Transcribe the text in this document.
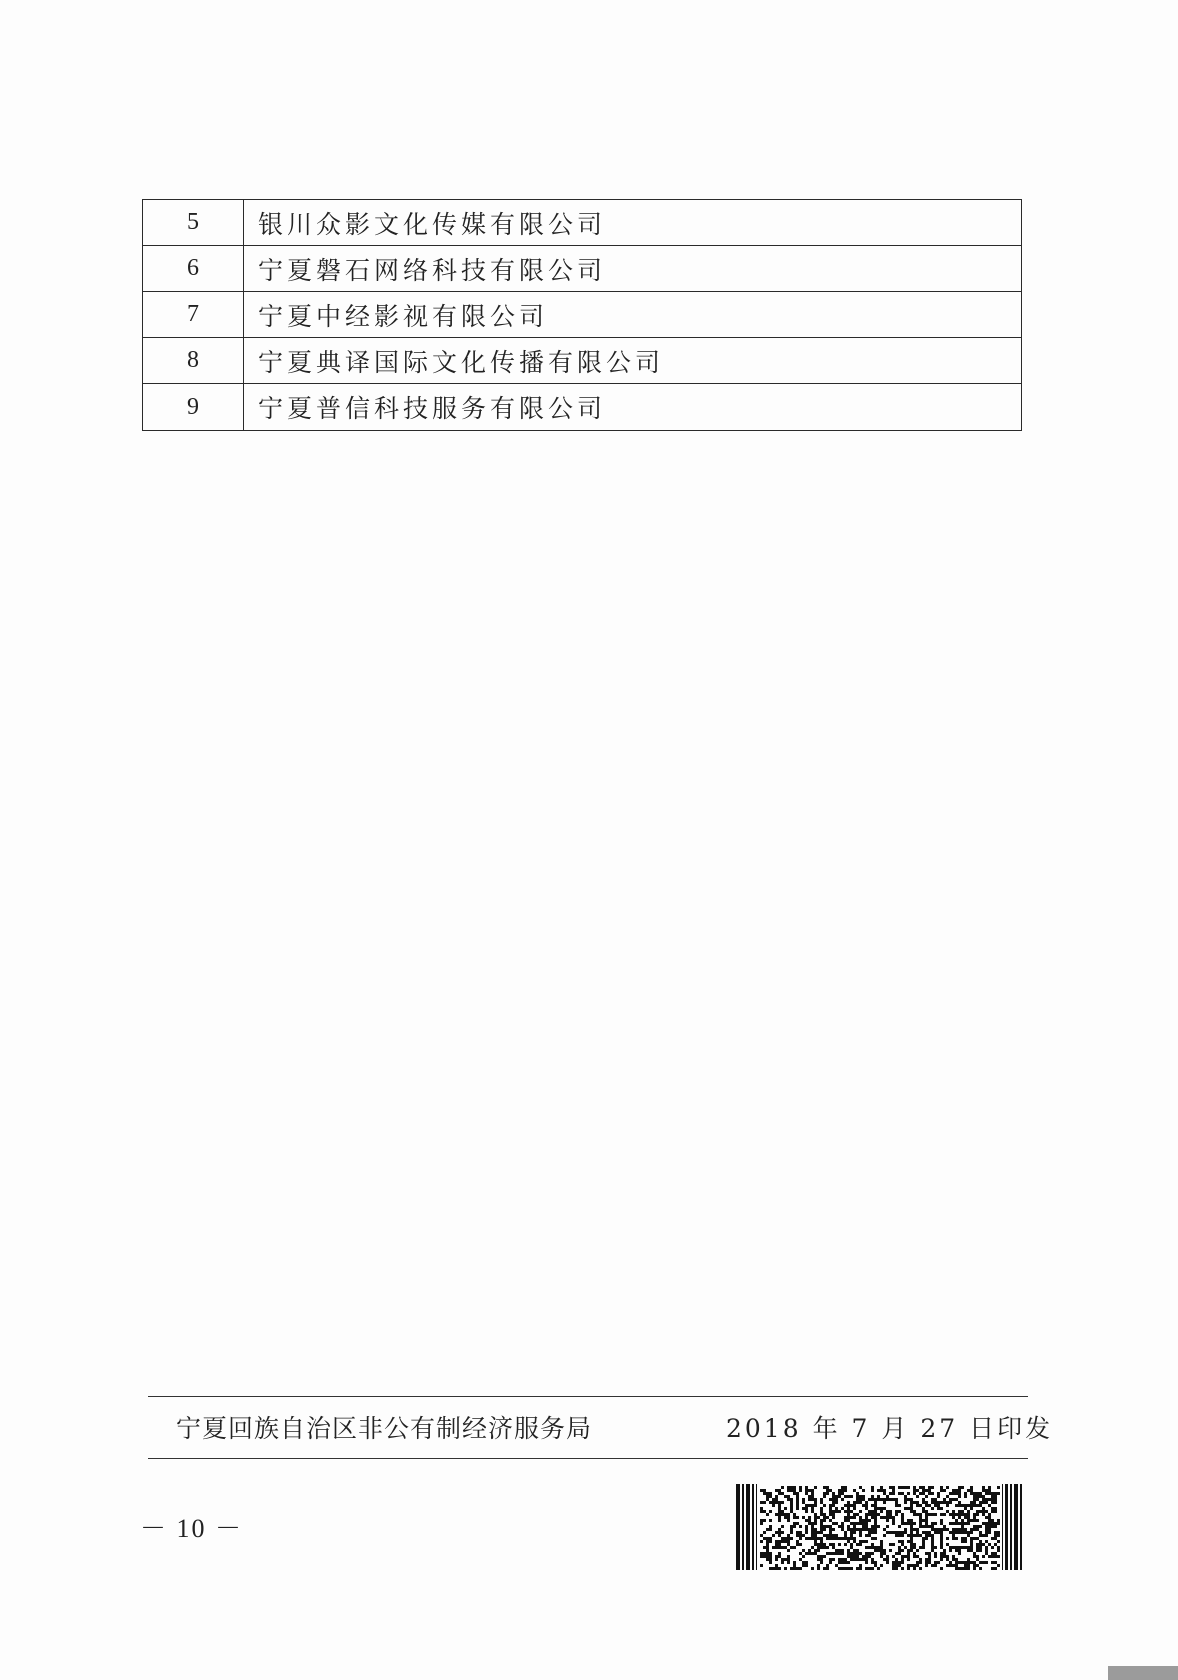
5	银川众影文化传媒有限公司
6	宁夏磐石网络科技有限公司
7	宁夏中经影视有限公司
8	宁夏典译国际文化传播有限公司
9	宁夏普信科技服务有限公司
宁夏回族自治区非公有制经济服务局	2018 年 7 月 27 日印发
－ 10 －
